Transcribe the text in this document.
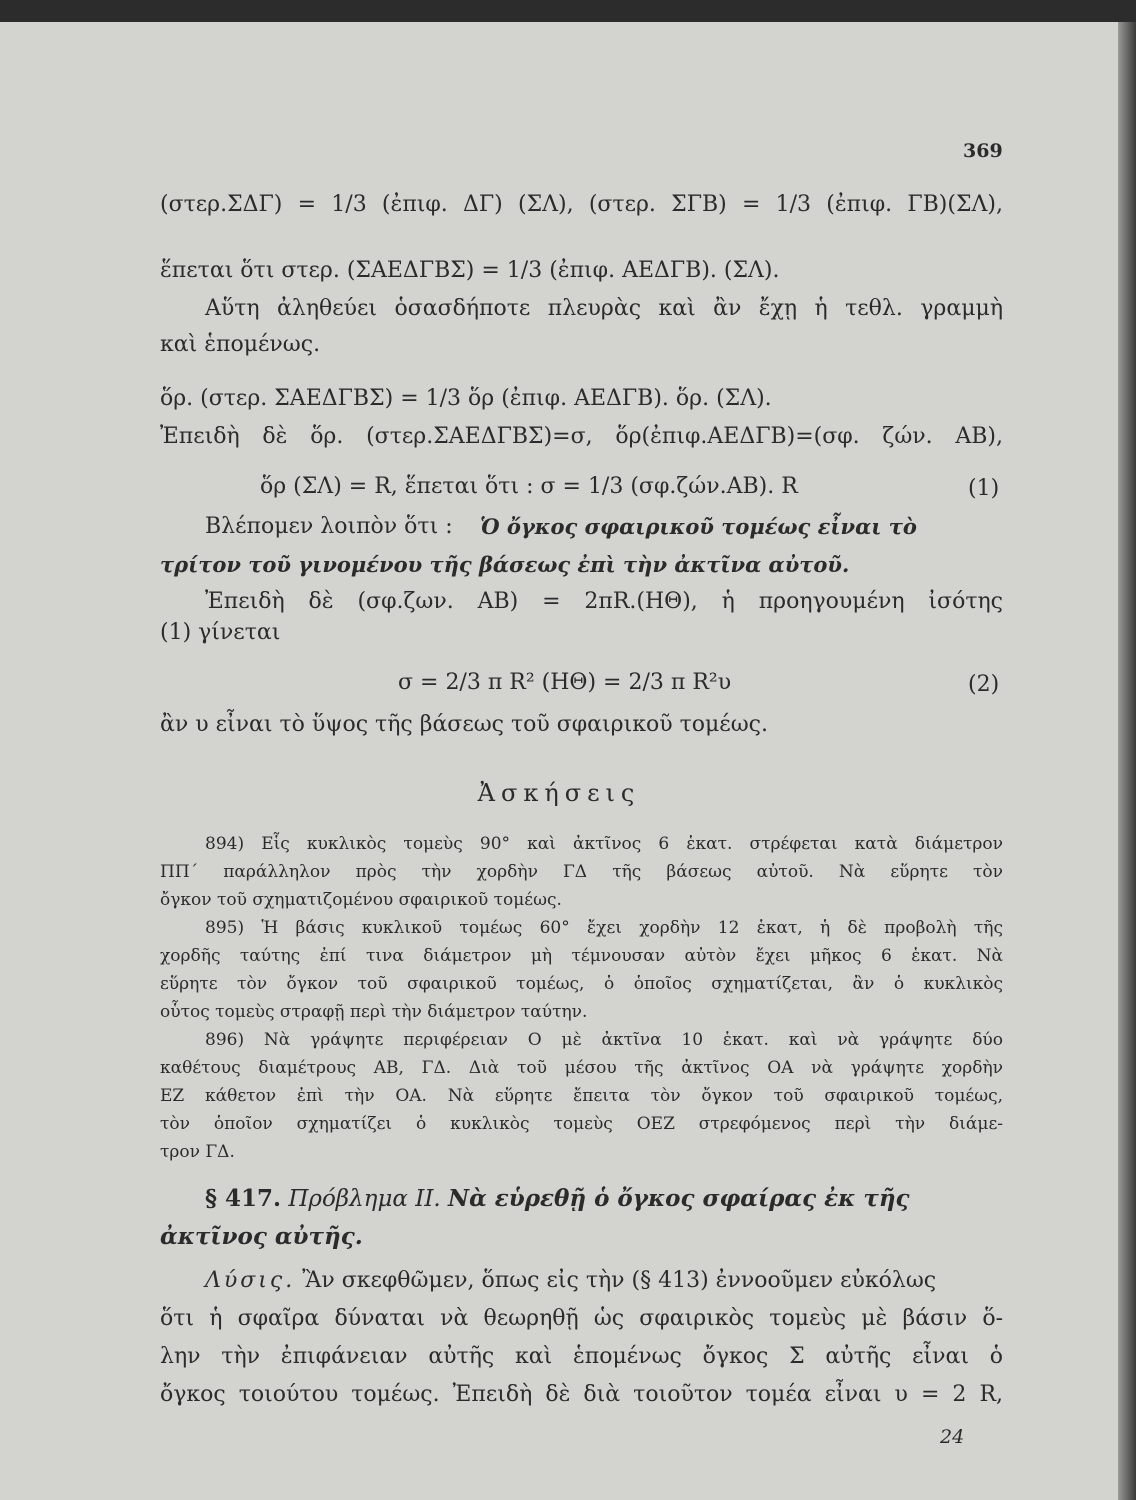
369
(στερ.ΣΔΓ) = 1/3 (ἐπιφ. ΔΓ) (ΣΛ), (στερ. ΣΓΒ) = 1/3 (ἐπιφ. ΓΒ)(ΣΛ),
ἕπεται ὅτι στερ. (ΣΑΕΔΓΒΣ) = 1/3 (ἐπιφ. ΑΕΔΓΒ). (ΣΛ).
Αὕτη ἀληθεύει ὁσασδήποτε πλευρὰς καὶ ἂν ἔχῃ ἡ τεθλ. γραμμὴ
καὶ ἑπομένως.
ὅρ. (στερ. ΣΑΕΔΓΒΣ) = 1/3 ὅρ (ἐπιφ. ΑΕΔΓΒ). ὅρ. (ΣΛ).
Ἐπειδὴ δὲ ὅρ. (στερ.ΣΑΕΔΓΒΣ)=σ, ὅρ(ἐπιφ.ΑΕΔΓΒ)=(σφ. ζών. ΑΒ),
ὅρ (ΣΛ) = R, ἕπεται ὅτι : σ = 1/3 (σφ.ζών.ΑΒ). R	(1)
Βλέπομεν λοιπὸν ὅτι : Ὁ ὄγκος σφαιρικοῦ τομέως εἶναι τὸ
τρίτον τοῦ γινομένου τῆς βάσεως ἐπὶ τὴν ἀκτῖνα αὐτοῦ.
Ἐπειδὴ δὲ (σφ.ζων. ΑΒ) = 2πR.(ΗΘ), ἡ προηγουμένη ἰσότης
(1) γίνεται
σ = 2/3 π R² (ΗΘ) = 2/3 π R²υ	(2)
ἂν υ εἶναι τὸ ὕψος τῆς βάσεως τοῦ σφαιρικοῦ τομέως.
Ἀσκήσεις
894) Εἷς κυκλικὸς τομεὺς 90° καὶ ἀκτῖνος 6 ἑκατ. στρέφεται κατὰ διάμετρον
ΠΠ΄ παράλληλον πρὸς τὴν χορδὴν ΓΔ τῆς βάσεως αὐτοῦ. Νὰ εὕρητε τὸν
ὄγκον τοῦ σχηματιζομένου σφαιρικοῦ τομέως.
895) Ἡ βάσις κυκλικοῦ τομέως 60° ἔχει χορδὴν 12 ἑκατ, ἡ δὲ προβολὴ τῆς
χορδῆς ταύτης ἐπί τινα διάμετρον μὴ τέμνουσαν αὐτὸν ἔχει μῆκος 6 ἑκατ. Νὰ
εὕρητε τὸν ὄγκον τοῦ σφαιρικοῦ τομέως, ὁ ὁποῖος σχηματίζεται, ἂν ὁ κυκλικὸς
οὗτος τομεὺς στραφῇ περὶ τὴν διάμετρον ταύτην.
896) Νὰ γράψητε περιφέρειαν Ο μὲ ἀκτῖνα 10 ἑκατ. καὶ νὰ γράψητε δύο
καθέτους διαμέτρους ΑΒ, ΓΔ. Διὰ τοῦ μέσου τῆς ἀκτῖνος ΟΑ νὰ γράψητε χορδὴν
ΕΖ κάθετον ἐπὶ τὴν ΟΑ. Νὰ εὕρητε ἔπειτα τὸν ὄγκον τοῦ σφαιρικοῦ τομέως,
τὸν ὁποῖον σχηματίζει ὁ κυκλικὸς τομεὺς ΟΕΖ στρεφόμενος περὶ τὴν διάμε-
τρον ΓΔ.
§ 417. Πρόβλημα ΙΙ. Νὰ εὑρεθῇ ὁ ὄγκος σφαίρας ἐκ τῆς
ἀκτῖνος αὐτῆς.
Λύσις. Ἂν σκεφθῶμεν, ὅπως εἰς τὴν (§ 413) ἐννοοῦμεν εὐκόλως
ὅτι ἡ σφαῖρα δύναται νὰ θεωρηθῇ ὡς σφαιρικὸς τομεὺς μὲ βάσιν ὅ-
λην τὴν ἐπιφάνειαν αὐτῆς καὶ ἑπομένως ὄγκος Σ αὐτῆς εἶναι ὁ
ὄγκος τοιούτου τομέως. Ἐπειδὴ δὲ διὰ τοιοῦτον τομέα εἶναι υ = 2 R,
24
